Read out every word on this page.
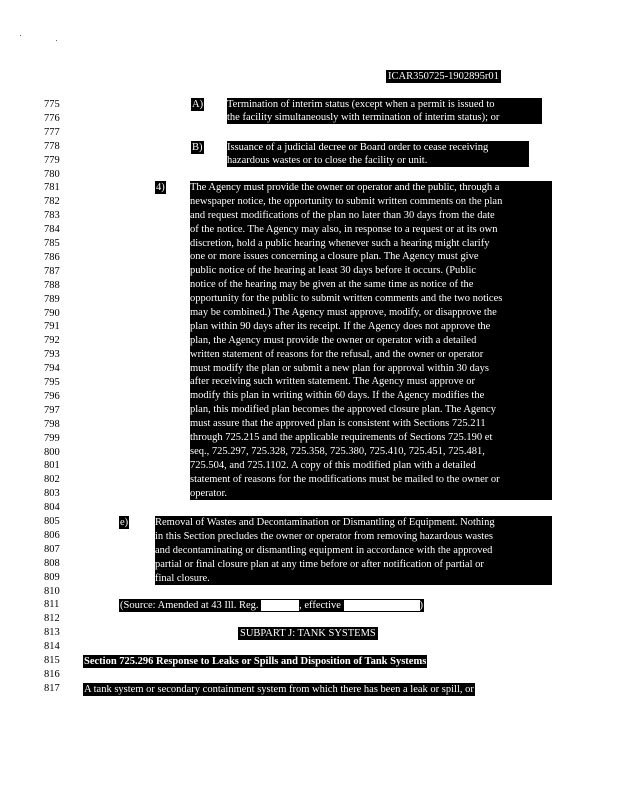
ICAR350725-1902895r01
775
776
777
778
779
780
781
782
783
784
785
786
787
788
789
790
791
792
793
794
795
796
797
798
799
800
801
802
803
804
805
806
807
808
809
810
811
812
813
814
815
816
817
A) Termination of interim status (except when a permit is issued to
the facility simultaneously with termination of interim status); or
B) Issuance of a judicial decree or Board order to cease receiving
hazardous wastes or to close the facility or unit.
4) The Agency must provide the owner or operator and the public, through a
newspaper notice, the opportunity to submit written comments on the plan
and request modifications of the plan no later than 30 days from the date
of the notice. The Agency may also, in response to a request or at its own
discretion, hold a public hearing whenever such a hearing might clarify
one or more issues concerning a closure plan. The Agency must give
public notice of the hearing at least 30 days before it occurs. (Public
notice of the hearing may be given at the same time as notice of the
opportunity for the public to submit written comments and the two notices
may be combined.) The Agency must approve, modify, or disapprove the
plan within 90 days after its receipt. If the Agency does not approve the
plan, the Agency must provide the owner or operator with a detailed
written statement of reasons for the refusal, and the owner or operator
must modify the plan or submit a new plan for approval within 30 days
after receiving such written statement. The Agency must approve or
modify this plan in writing within 60 days. If the Agency modifies the
plan, this modified plan becomes the approved closure plan. The Agency
must assure that the approved plan is consistent with Sections 725.211
through 725.215 and the applicable requirements of Sections 725.190 et
seq., 725.297, 725.328, 725.358, 725.380, 725.410, 725.451, 725.481,
725.504, and 725.1102. A copy of this modified plan with a detailed
statement of reasons for the modifications must be mailed to the owner or
operator.
e)	Removal of Wastes and Decontamination or Dismantling of Equipment. Nothing
in this Section precludes the owner or operator from removing hazardous wastes
and decontaminating or dismantling equipment in accordance with the approved
partial or final closure plan at any time before or after notification of partial or
final closure.
(Source: Amended at 43 Ill. Reg.	, effective	)
SUBPART J: TANK SYSTEMS
Section 725.296 Response to Leaks or Spills and Disposition of Tank Systems
A tank system or secondary containment system from which there has been a leak or spill, or
